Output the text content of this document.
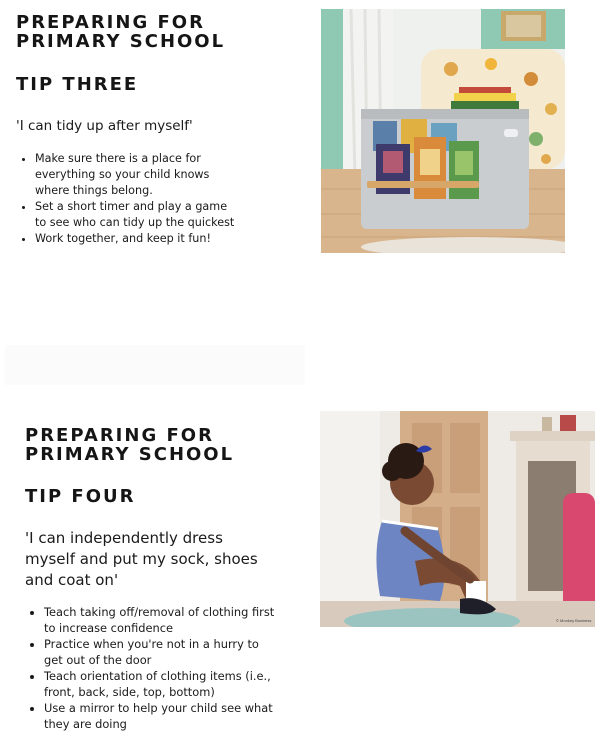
PREPARING FOR
PRIMARY SCHOOL
TIP THREE

'I can tidy up after myself'

• Make sure there is a place for everything so your child knows where things belong.
• Set a short timer and play a game to see who can tidy up the quickest
• Work together, and keep it fun!
PREPARING FOR
PRIMARY SCHOOL
TIP FOUR

'I can independently dress myself and put my sock, shoes and coat on'

• Teach taking off/removal of clothing first to increase confidence
• Practice when you're not in a hurry to get out of the door
• Teach orientation of clothing items (i.e., front, back, side, top, bottom)
• Use a mirror to help your child see what they are doing
© Monkey Business
